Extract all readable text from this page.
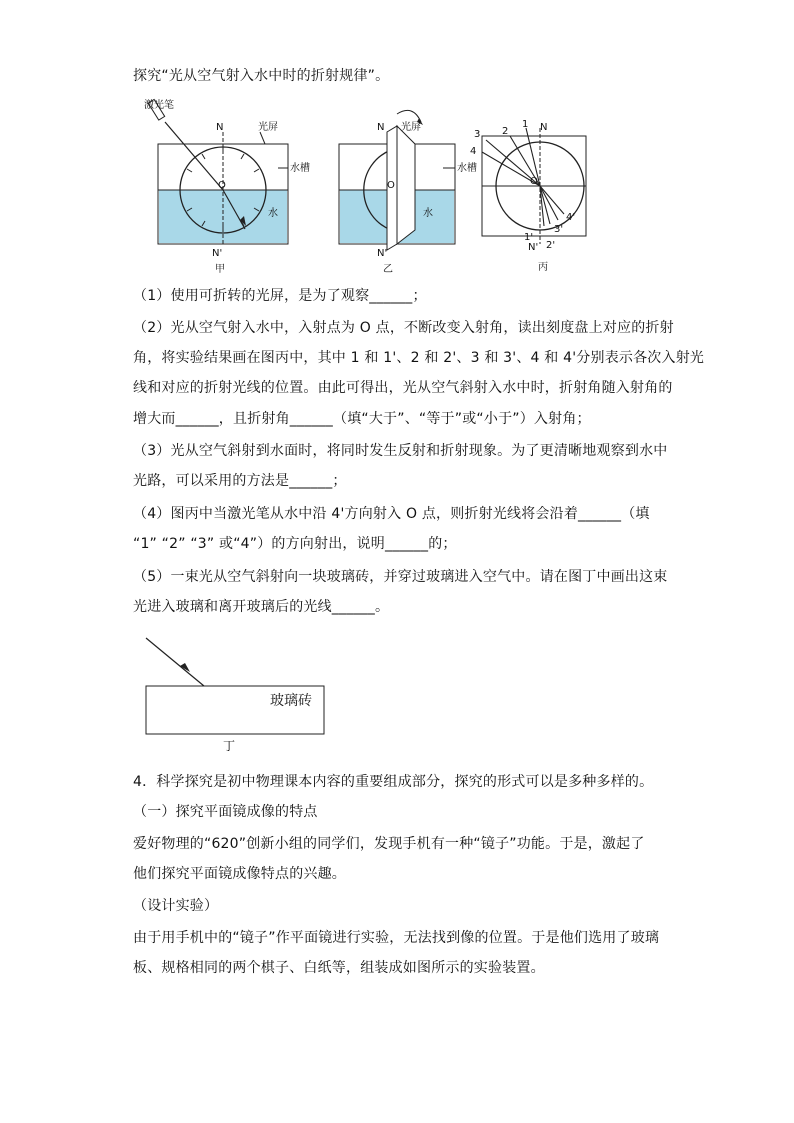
探究“光从空气射入水中时的折射规律”。
激光笔
N	光屏
水槽
水
O
N'
甲
N 光屏
水槽
水
O
N'
乙
N
1
2
3
4
O
1'
2'
3'
4'
N'
丙
（1）使用可折转的光屏，是为了观察______；
（2）光从空气射入水中，入射点为 O 点，不断改变入射角，读出刻度盘上对应的折射
角，将实验结果画在图丙中，其中 1 和 1'、2 和 2'、3 和 3'、4 和 4'分别表示各次入射光
线和对应的折射光线的位置。由此可得出，光从空气斜射入水中时，折射角随入射角的
增大而______，且折射角______（填“大于”、“等于”或“小于”）入射角；
（3）光从空气斜射到水面时，将同时发生反射和折射现象。为了更清晰地观察到水中
光路，可以采用的方法是______；
（4）图丙中当激光笔从水中沿 4'方向射入 O 点，则折射光线将会沿着______（填
“1” “2” “3” 或“4”）的方向射出，说明______的；
（5）一束光从空气斜射向一块玻璃砖，并穿过玻璃进入空气中。请在图丁中画出这束
光进入玻璃和离开玻璃后的光线______。
玻璃砖
丁
4．科学探究是初中物理课本内容的重要组成部分，探究的形式可以是多种多样的。
（一）探究平面镜成像的特点
爱好物理的“620”创新小组的同学们，发现手机有一种“镜子”功能。于是，激起了
他们探究平面镜成像特点的兴趣。
（设计实验）
由于用手机中的“镜子”作平面镜进行实验，无法找到像的位置。于是他们选用了玻璃
板、规格相同的两个棋子、白纸等，组装成如图所示的实验装置。
